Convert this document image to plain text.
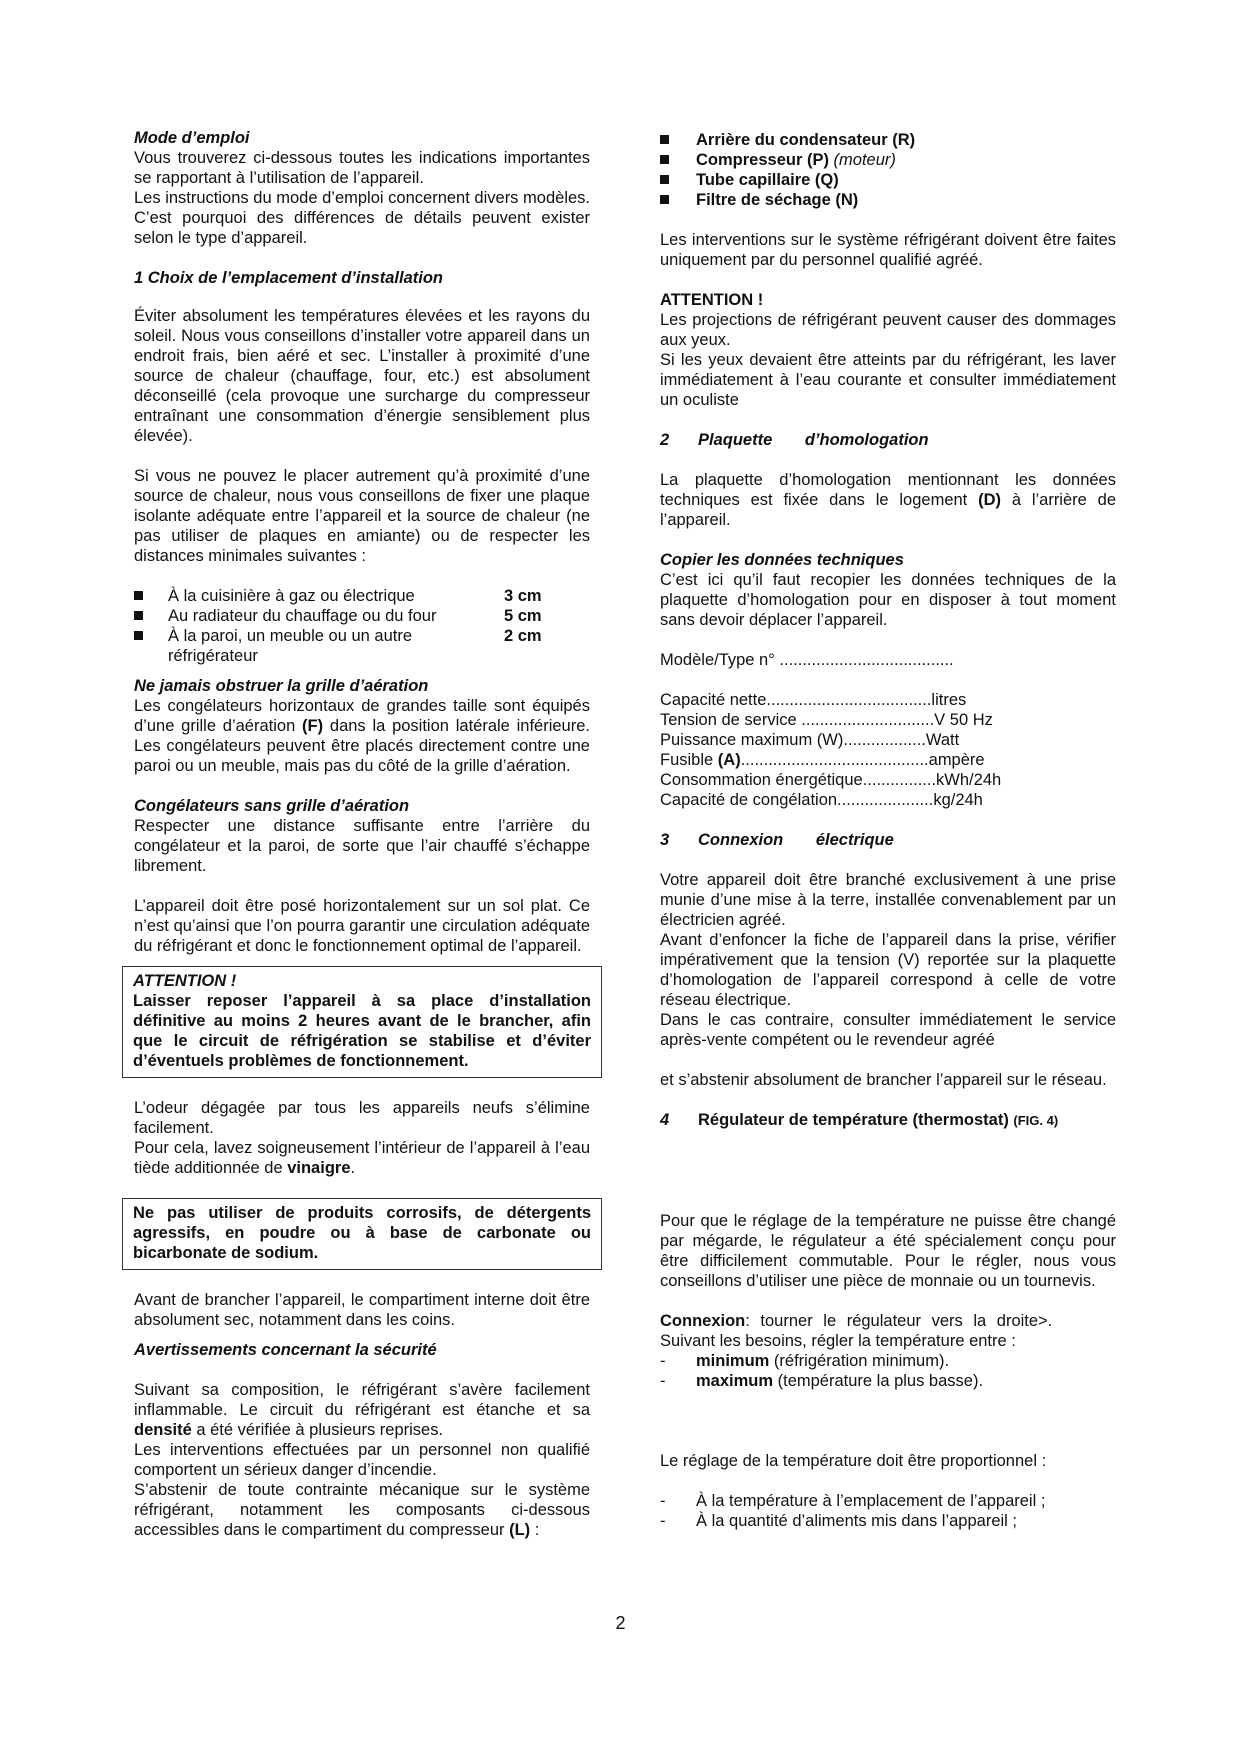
Mode d’emploi

Vous trouverez ci-dessous toutes les indications importantes se rapportant à l’utilisation de l’appareil.

Les instructions du mode d’emploi concernent divers modèles. C’est pourquoi des différences de détails peuvent exister selon le type d’appareil.

1 Choix de l’emplacement d’installation

Éviter absolument les températures élevées et les rayons du soleil. Nous vous conseillons d’installer votre appareil dans un endroit frais, bien aéré et sec. L’installer à proximité d’une source de chaleur (chauffage, four, etc.) est absolument déconseillé (cela provoque une surcharge du compresseur entraînant une consommation d’énergie sensiblement plus élevée).

Si vous ne pouvez le placer autrement qu’à proximité d’une source de chaleur, nous vous conseillons de fixer une plaque isolante adéquate entre l’appareil et la source de chaleur (ne pas utiliser de plaques en amiante) ou de respecter les distances minimales suivantes :

À la cuisinière à gaz ou électrique	3 cm
Au radiateur du chauffage ou du four	5 cm
À la paroi, un meuble ou un autre réfrigérateur
2 cm

Ne jamais obstruer la grille d’aération

Les congélateurs horizontaux de grandes taille sont équipés d’une grille d’aération (F) dans la position latérale inférieure. Les congélateurs peuvent être placés directement contre une paroi ou un meuble, mais pas du côté de la grille d’aération.

Congélateurs sans grille d’aération

Respecter une distance suffisante entre l’arrière du congélateur et la paroi, de sorte que l’air chauffé s’échappe librement.

L’appareil doit être posé horizontalement sur un sol plat. Ce n’est qu’ainsi que l’on pourra garantir une circulation adéquate du réfrigérant et donc le fonctionnement optimal de l’appareil.

ATTENTION !

Laisser reposer l’appareil à sa place d’installation définitive au moins 2 heures avant de le brancher, afin que le circuit de réfrigération se stabilise et d’éviter d’éventuels problèmes de fonctionnement.

L’odeur dégagée par tous les appareils neufs s’élimine facilement.

Pour cela, lavez soigneusement l’intérieur de l’appareil à l’eau tiède additionnée de vinaigre.

Ne pas utiliser de produits corrosifs, de détergents agressifs, en poudre ou à base de carbonate ou bicarbonate de sodium.

Avant de brancher l’appareil, le compartiment interne doit être absolument sec, notamment dans les coins.

Avertissements concernant la sécurité

Suivant sa composition, le réfrigérant s’avère facilement inflammable. Le circuit du réfrigérant est étanche et sa densité a été vérifiée à plusieurs reprises.

Les interventions effectuées par un personnel non qualifié comportent un sérieux danger d’incendie.

S’abstenir de toute contrainte mécanique sur le système réfrigérant, notamment les composants ci-dessous accessibles dans le compartiment du compresseur (L) :

Arrière du condensateur (R)
Compresseur (P) (moteur)
Tube capillaire (Q)
Filtre de séchage (N)

Les interventions sur le système réfrigérant doivent être faites uniquement par du personnel qualifié agréé.

ATTENTION !

Les projections de réfrigérant peuvent causer des dommages aux yeux.

Si les yeux devaient être atteints par du réfrigérant, les laver immédiatement à l’eau courante et consulter immédiatement un oculiste

2 Plaquette d’homologation

La plaquette d’homologation mentionnant les données techniques est fixée dans le logement (D) à l’arrière de l’appareil.

Copier les données techniques

C’est ici qu’il faut recopier les données techniques de la plaquette d’homologation pour en disposer à tout moment sans devoir déplacer l’appareil.

Modèle/Type n° ......................................

Capacité nette....................................litres

Tension de service .............................V 50 Hz

Puissance maximum (W)..................Watt

Fusible (A).........................................ampère

Consommation énergétique................kWh/24h

Capacité de congélation.....................kg/24h

3 Connexion électrique

Votre appareil doit être branché exclusivement à une prise munie d’une mise à la terre, installée convenablement par un électricien agréé.

Avant d’enfoncer la fiche de l’appareil dans la prise, vérifier impérativement que la tension (V) reportée sur la plaquette d’homologation de l’appareil correspond à celle de votre réseau électrique.

Dans le cas contraire, consulter immédiatement le service après-vente compétent ou le revendeur agréé

et s’abstenir absolument de brancher l’appareil sur le réseau.

4 Régulateur de température (thermostat) (FIG. 4)

Pour que le réglage de la température ne puisse être changé par mégarde, le régulateur a été spécialement conçu pour être difficilement commutable. Pour le régler, nous vous conseillons d’utiliser une pièce de monnaie ou un tournevis.

Connexion: tourner le régulateur vers la droite>.

Suivant les besoins, régler la température entre :

- minimum (réfrigération minimum).
- maximum (température la plus basse).

Le réglage de la température doit être proportionnel :

- À la température à l’emplacement de l’appareil ;
- À la quantité d’aliments mis dans l’appareil ;
2
